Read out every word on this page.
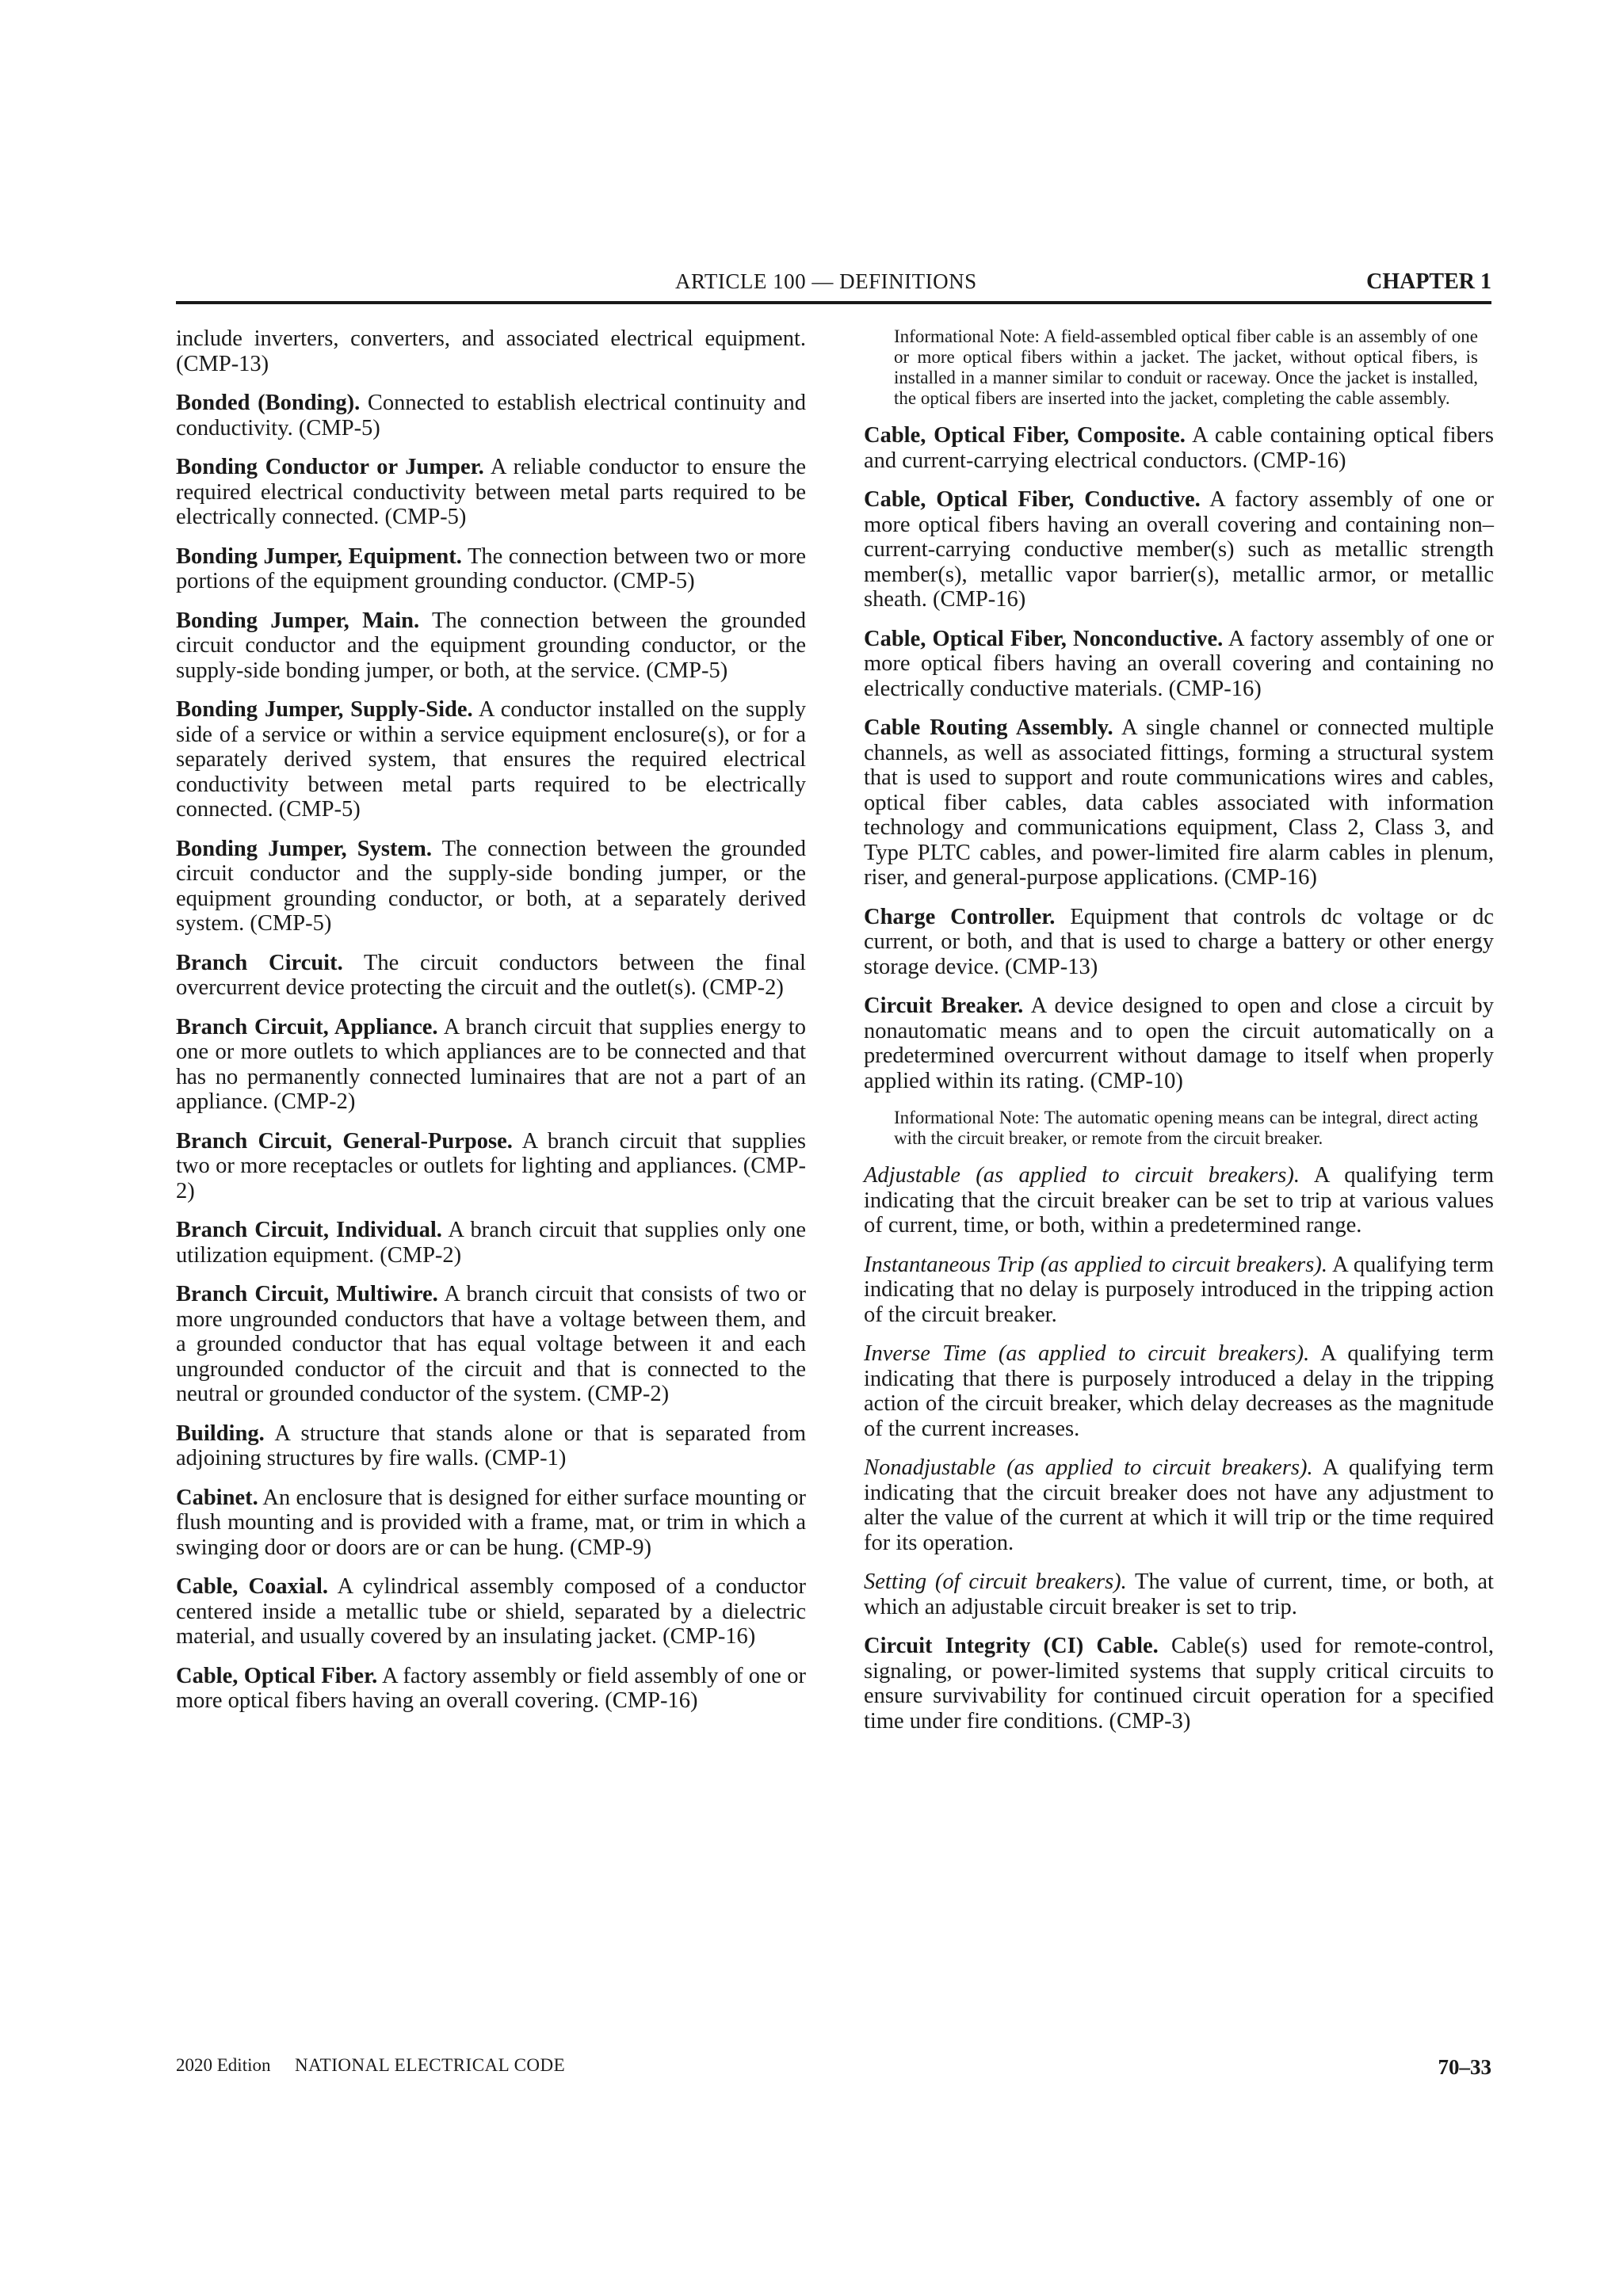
ARTICLE 100 — DEFINITIONS	CHAPTER 1

include inverters, converters, and associated electrical equipment. (CMP-13)

Bonded (Bonding). Connected to establish electrical continuity and conductivity. (CMP-5)

Bonding Conductor or Jumper. A reliable conductor to ensure the required electrical conductivity between metal parts required to be electrically connected. (CMP-5)

Bonding Jumper, Equipment. The connection between two or more portions of the equipment grounding conductor. (CMP-5)

Bonding Jumper, Main. The connection between the grounded circuit conductor and the equipment grounding conductor, or the supply-side bonding jumper, or both, at the service. (CMP-5)

Bonding Jumper, Supply-Side. A conductor installed on the supply side of a service or within a service equipment enclosure(s), or for a separately derived system, that ensures the required electrical conductivity between metal parts required to be electrically connected. (CMP-5)

Bonding Jumper, System. The connection between the grounded circuit conductor and the supply-side bonding jumper, or the equipment grounding conductor, or both, at a separately derived system. (CMP-5)

Branch Circuit. The circuit conductors between the final overcurrent device protecting the circuit and the outlet(s). (CMP-2)

Branch Circuit, Appliance. A branch circuit that supplies energy to one or more outlets to which appliances are to be connected and that has no permanently connected luminaires that are not a part of an appliance. (CMP-2)

Branch Circuit, General-Purpose. A branch circuit that supplies two or more receptacles or outlets for lighting and appliances. (CMP-2)

Branch Circuit, Individual. A branch circuit that supplies only one utilization equipment. (CMP-2)

Branch Circuit, Multiwire. A branch circuit that consists of two or more ungrounded conductors that have a voltage between them, and a grounded conductor that has equal voltage between it and each ungrounded conductor of the circuit and that is connected to the neutral or grounded conductor of the system. (CMP-2)

Building. A structure that stands alone or that is separated from adjoining structures by fire walls. (CMP-1)

Cabinet. An enclosure that is designed for either surface mounting or flush mounting and is provided with a frame, mat, or trim in which a swinging door or doors are or can be hung. (CMP-9)

Cable, Coaxial. A cylindrical assembly composed of a conductor centered inside a metallic tube or shield, separated by a dielectric material, and usually covered by an insulating jacket. (CMP-16)

Cable, Optical Fiber. A factory assembly or field assembly of one or more optical fibers having an overall covering. (CMP-16)

Informational Note: A field-assembled optical fiber cable is an assembly of one or more optical fibers within a jacket. The jacket, without optical fibers, is installed in a manner similar to conduit or raceway. Once the jacket is installed, the optical fibers are inserted into the jacket, completing the cable assembly.

Cable, Optical Fiber, Composite. A cable containing optical fibers and current-carrying electrical conductors. (CMP-16)

Cable, Optical Fiber, Conductive. A factory assembly of one or more optical fibers having an overall covering and containing non–current-carrying conductive member(s) such as metallic strength member(s), metallic vapor barrier(s), metallic armor, or metallic sheath. (CMP-16)

Cable, Optical Fiber, Nonconductive. A factory assembly of one or more optical fibers having an overall covering and containing no electrically conductive materials. (CMP-16)

Cable Routing Assembly. A single channel or connected multiple channels, as well as associated fittings, forming a structural system that is used to support and route communications wires and cables, optical fiber cables, data cables associated with information technology and communications equipment, Class 2, Class 3, and Type PLTC cables, and power-limited fire alarm cables in plenum, riser, and general-purpose applications. (CMP-16)

Charge Controller. Equipment that controls dc voltage or dc current, or both, and that is used to charge a battery or other energy storage device. (CMP-13)

Circuit Breaker. A device designed to open and close a circuit by nonautomatic means and to open the circuit automatically on a predetermined overcurrent without damage to itself when properly applied within its rating. (CMP-10)

Informational Note: The automatic opening means can be integral, direct acting with the circuit breaker, or remote from the circuit breaker.

Adjustable (as applied to circuit breakers). A qualifying term indicating that the circuit breaker can be set to trip at various values of current, time, or both, within a predetermined range.

Instantaneous Trip (as applied to circuit breakers). A qualifying term indicating that no delay is purposely introduced in the tripping action of the circuit breaker.

Inverse Time (as applied to circuit breakers). A qualifying term indicating that there is purposely introduced a delay in the tripping action of the circuit breaker, which delay decreases as the magnitude of the current increases.

Nonadjustable (as applied to circuit breakers). A qualifying term indicating that the circuit breaker does not have any adjustment to alter the value of the current at which it will trip or the time required for its operation.

Setting (of circuit breakers). The value of current, time, or both, at which an adjustable circuit breaker is set to trip.

Circuit Integrity (CI) Cable. Cable(s) used for remote-control, signaling, or power-limited systems that supply critical circuits to ensure survivability for continued circuit operation for a specified time under fire conditions. (CMP-3)

2020 Edition NATIONAL ELECTRICAL CODE	70–33
